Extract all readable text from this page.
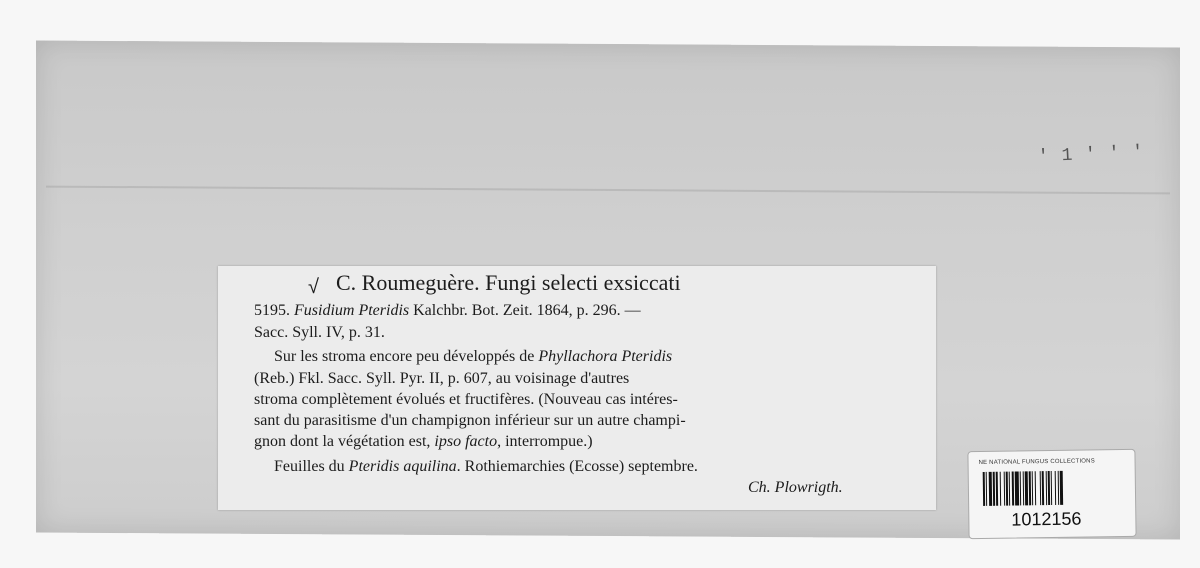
' 1 ' ' '
√ C. Roumeguère. Fungi selecti exsiccati
5195. Fusidium Pteridis Kalchbr. Bot. Zeit. 1864, p. 296. —
Sacc. Syll. IV, p. 31.
Sur les stroma encore peu développés de Phyllachora Pteridis
(Reb.) Fkl. Sacc. Syll. Pyr. II, p. 607, au voisinage d'autres
stroma complètement évolués et fructifères. (Nouveau cas intéres-
sant du parasitisme d'un champignon inférieur sur un autre champi-
gnon dont la végétation est, ipso facto, interrompue.)
Feuilles du Pteridis aquilina. Rothiemarchies (Ecosse) septembre.
Ch. Plowrigth.
NE NATIONAL FUNGUS COLLECTIONS
1012156
